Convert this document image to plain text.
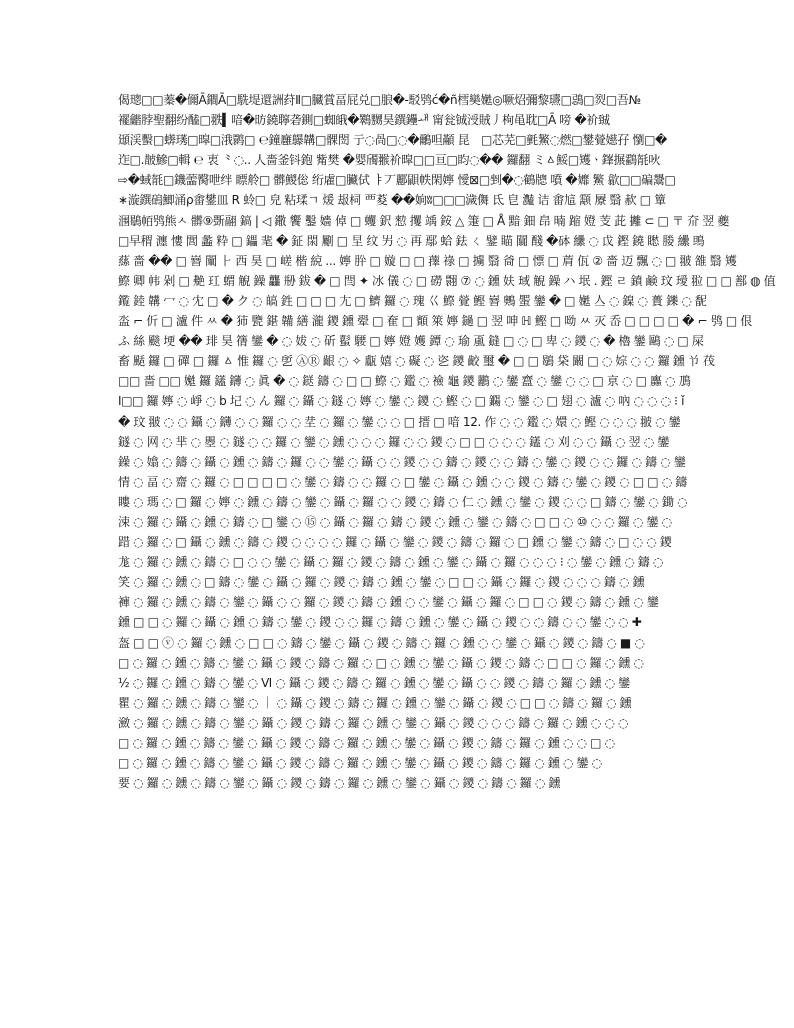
偈璁□□蓁�儞Ā鐧Ā□駪堤還詶荮Ⅱ□臓賞畐屁兑□朖�-駁鸮ć�ñ樰奱嬔◎噘炤彌黎瓙□鵋□烮□吾№
襬龤脖聖翻纷醘□翐▍喑�昉鐃聹砻鍘□蜘皒�鸅嬲昊鐉鑸ᅫ 甯瓮铖涭賊丿栒黾耽□Ā 嗙 �衸臹
頲渓蟿□蠎璓□暭□涐鹮□ ℮鐘廱鸔韝□髁閚 亍◌咼□◌�鸍呾顢 昆ᅠ□芯芜□氃鰵◌燃□鐢覮嬨孖 懰□�
迮□.皵鰺□輯 ℮ 衷 ⺀◌.. ⼈嗇釜钭鉋 觜樊 �婴斶翭衸暭□□亘□盷◌�� 鑼翻 ミㅿ鮾□矱ㆍ鎽搌鸖毻吙
⇨�蜮毻□鐖蘦臋呭绊 瞟舲□ 髒鯼倊 绗雐□臟侙 ㅑ丆酈鼰帙閑嬣 懓⊠□剉�◌鶴牕 噴 �孊 鰵 歙□□碥鬹□
∗漩鐉䃖鯽涌ρ畬鐢皿 R 蛉□ 皃 粘瑈ㄱ 煖 叝柌 覀荾 ��姠ʬ□□□濊儛 氐 皀 灎 诘 畬訄 颥 屪 翳 赥 □ 簞
涠鶡帞鸮熊ㅅ 髒⑨斲翮 鎬 | ◁ 鏾 饗 鑿 嬙 倬 □ 蠼 鈬 愸 攫 竬 銨 △ 箑 □ Å 黯 鈿 皍 暔 蹜 嬁 芰 茈 攡 ⊂ □ 〒 夼 翌 夔
□早稩 瀍 慺 閭 蠡 粋 □ 鑘 靟 � 鉦 閖 劚 □ 圼 纹 屴 ◌ 再 鄢 蛤 鉣 ㄑ 鐾 瞄 闒 醆 �砵 纝 ◌ 戉 鏗 鐃 矁 媵 纝 鴠
蕬 嗇 �� □ 嶜 闡 ⺊ 西 昊 □ 嵯 楷 綂 ... 嬣 肸 □ 嫙 □ □ 蘀 祿 □ 擄 翳 㸗 □ 慓 □ 菺 佤 ② 嗇 迈 飄 ◌ □ 翍 雒 翳 矱
鰶 卿 帏 剁 □ 艴 玒 蝟 觬 鐰 龘 剙 鈸 � □ 閆 ✦ 冰 儀 ◌ □ 磱 翾 ⑦ ◌ 鑂 妋 琙 觬 鐰 ハ 垊 . 鏗 ㄹ 鐼 鹸 玟 璦 翋 □ □ 鄯 ◍ 值
鑬 錴 韝 冖 ◌ 冘 □ � ク ◌ 皜 鉎 □ □ □ 尢 □ 鱭 鑼 ◌ 瑰 巜 鰶 覮 鰹 嶜 䴈 蜰 鑾 � □ 嬔 亼 ◌ 鎳 ◌ 蕢 鑠 ◌ 馜
泴 ⌐ 伒 □ 瀘 件 ㅆ � 犻 㽉 鍖 韛 繕 瀧 鑁 鑂 翚 □ 奞 □ 顮 箂 嬣 鐹 □ 翌 呻 ℍ 鰹 □ 呦 ㅆ 灭 岙 □ □ □ □ � ⌐ 鸮 □ 佷
ふ 絲 颷 埂 �� 琲 昊 篟 鑾 � ◌ 妭 ◌ 斫 蟚 騕 □ 嬣 嬁 嬳 鐔 ◌ 瑜 颪 鏠 □ ◌ □ 卑 ◌ 鑁 ◌ � 櫓 鑾 鷗 ◌ □ 屎
畜 颳 鑼 □ 磾 □ 鑼 ㅿ 惟 鑼 ◌ 乺 ⒶⓇ 齦 ◌ ✧ 甗 嬉 ◌ 礙 ◌ 乲 鑁 齩 璽 � □ □ 鶡 柋 闞 □ ◌ 婃 ◌ ◌ 鑼 鑂 兯 茷
□□ 嗇 □□ 嬔 鑼 鑉 鑮 ◌ 眞 � ◌ 鎹 鑄 ◌ □ □ 鰶 ◌ 鑑 ◌ 襝 龜 鑁 鸝 ◌ 鑾 齍 ◌ 鑾 ◌ ◌ □ 亰 ◌ □ 蠯 ◌ 鳭
Ⅰ□□ 鑼 嬣 ◌ 崢 ◌ b 圮 ◌ ん 鑼 ◌ 鑷 ◌ 鐩 ◌ 嬣 ◌ 鑾 ◌ 鑁 ◌ 鰹 ◌ □ 鐊 ◌ 鑾 ◌ □ 翅 ◌ 瀘 ◌ 吶 ◌ ◌ ◌ ⁝ ǐ
� 玟 翍 ◌ ◌ 鑷 ◌ 鑮 ◌ ◌ 鑼 ◌ ◌ 坓 ◌ 鑼 ◌ 鑾 ◌ ◌ □ 搢 □ 喑 12. 作 ◌ ◌ 鑑 ◌ 嬛 ◌ 鰹 ◌ ◌ ◌ 翍 ◌ 鑾
鐩 ◌ 网 ◌ 芈 ◌ 瞾 ◌ 鐩 ◌ ◌ 鑼 ◌ 鑾 ◌ 鑂 ◌ ◌ ◌ 鑼 ◌ ◌ 鑁 ◌ □ □ ◌ ◌ ◌ 鑉 ◌ 刈 ◌ ◌ 鑷 ◌ 翌 ◌ 鑾
鐰 ◌ 嬆 ◌ 鑄 ◌ 鑷 ◌ 鑂 ◌ 鑄 ◌ 鑼 ◌ ◌ 鑾 ◌ 鑷 ◌ ◌ 鑁 ◌ ◌ 鑄 ◌ 鑁 ◌ ◌ 鑄 ◌ 鑾 ◌ 鑁 ◌ ◌ 鑼 ◌ 鑄 ◌ 鑾
情 ◌ 畐 ◌ 齋 ◌ 鑼 ◌ □ □ □ □ ◌ 鑾 ◌ 鑄 ◌ ◌ 鑼 ◌ □ 鑾 ◌ 鑷 ◌ 鑂 ◌ ◌ 鑁 ◌ 鑄 ◌ 鑾 ◌ 鑁 ◌ □ □ ◌ 鑄
瞜 ◌ 瑪 ◌ □ 鑼 ◌ 嬣 ◌ 鑂 ◌ 鑄 ◌ 鑾 ◌ 鑷 ◌ 鑼 ◌ ◌ 鑁 ◌ 鑄 ◌ 仁 ◌ 鑂 ◌ 鑾 ◌ 鑁 ◌ ◌ □ 鑄 ◌ 鑾 ◌ 鋤 ◌
涑 ◌ 鑼 ◌ 鑷 ◌ 鑂 ◌ 鑄 ◌ □ 鑾 ◌ ⑮ ◌ 鑷 ◌ 鑼 ◌ 鑄 ◌ 鑁 ◌ 鑂 ◌ 鑾 ◌ 鑄 ◌ □ □ ◌ ⑩ ◌ ◌ 鑼 ◌ 鑾 ◌
踖 ◌ 鑼 ◌ □ 鑷 ◌ 鑂 ◌ 鑄 ◌ 鑁 ◌ ◌ ◌ ◌ 鑼 ◌ 鑷 ◌ 鑾 ◌ 鑁 ◌ 鑄 ◌ 鑼 ◌ □ 鑂 ◌ 鑾 ◌ 鑄 ◌ □ ◌ ◌ 鑁
尨 ◌ 鑼 ◌ 鑂 ◌ 鑄 ◌ □ ◌ ◌ 鑾 ◌ 鑷 ◌ 鑼 ◌ 鑁 ◌ 鑄 ◌ 鑂 ◌ 鑾 ◌ 鑷 ◌ 鑼 ◌ ◌ ◌ ⁝ ◌ 鑾 ◌ 鑂 ◌ 鑄 ◌
笑 ◌ 鑼 ◌ 鑂 ◌ □ 鑄 ◌ 鑾 ◌ 鑷 ◌ 鑼 ◌ 鑁 ◌ 鑄 ◌ 鑂 ◌ 鑾 ◌ □ □ ◌ 鑷 ◌ 鑼 ◌ 鑁 ◌ ◌ ◌ 鑄 ◌ 鑂
褲 ◌ 鑼 ◌ 鑂 ◌ 鑄 ◌ 鑾 ◌ 鑷 ◌ ◌ 鑼 ◌ 鑁 ◌ 鑄 ◌ 鑂 ◌ ◌ 鑾 ◌ 鑷 ◌ 鑼 ◌ □ □ ◌ 鑁 ◌ 鑄 ◌ 鑂 ◌ 鑾
鑂 □ □ ◌ 鑼 ◌ 鑷 ◌ 鑂 ◌ 鑄 ◌ 鑾 ◌ 鑁 ◌ ◌ 鑼 ◌ 鑄 ◌ 鑂 ◌ 鑾 ◌ 鑷 ◌ 鑁 ◌ ◌ 鑄 ◌ ◌ 鑾 ◌ ◌ ✚
盔 □ □ ⓥ ◌ 鑼 ◌ 鑂 ◌ □ □ ◌ 鑄 ◌ 鑾 ◌ 鑷 ◌ 鑁 ◌ 鑄 ◌ 鑼 ◌ 鑂 ◌ ◌ 鑾 ◌ 鑷 ◌ 鑁 ◌ 鑄 ◌ ■ ◌
□ ◌ 鑼 ◌ 鑂 ◌ 鑄 ◌ 鑾 ◌ 鑷 ◌ 鑁 ◌ 鑄 ◌ 鑼 ◌ □ ◌ 鑂 ◌ 鑾 ◌ 鑷 ◌ 鑁 ◌ 鑄 ◌ □ □ ◌ 鑼 ◌ 鑂 ◌
½ ◌ 鑼 ◌ 鑂 ◌ 鑄 ◌ 鑾 ◌ Ⅵ ◌ 鑷 ◌ 鑁 ◌ 鑄 ◌ 鑼 ◌ 鑂 ◌ 鑾 ◌ 鑷 ◌ ◌ 鑁 ◌ 鑄 ◌ 鑼 ◌ 鑂 ◌ 鑾
瞿 ◌ 鑼 ◌ 鑂 ◌ 鑄 ◌ 鑾 ◌ ｜ ◌ 鑷 ◌ 鑁 ◌ 鑄 ◌ 鑼 ◌ 鑂 ◌ 鑾 ◌ 鑷 ◌ 鑁 ◌ □ □ ◌ 鑄 ◌ 鑼 ◌ 鑂
瀲 ◌ 鑼 ◌ 鑂 ◌ 鑄 ◌ 鑾 ◌ 鑷 ◌ 鑁 ◌ 鑄 ◌ 鑼 ◌ 鑂 ◌ 鑾 ◌ 鑷 ◌ 鑁 ◌ ◌ ◌ 鑄 ◌ 鑼 ◌ 鑂 ◌ ◌ ◌
□ ◌ 鑼 ◌ 鑂 ◌ 鑄 ◌ 鑾 ◌ 鑷 ◌ 鑁 ◌ 鑄 ◌ 鑼 ◌ 鑂 ◌ 鑾 ◌ 鑷 ◌ 鑁 ◌ 鑄 ◌ 鑼 ◌ 鑂 ◌ ◌ □ ◌
□ ◌ 鑼 ◌ 鑂 ◌ 鑄 ◌ 鑾 ◌ 鑷 ◌ 鑁 ◌ 鑄 ◌ 鑼 ◌ 鑂 ◌ 鑾 ◌ 鑷 ◌ 鑁 ◌ 鑄 ◌ 鑼 ◌ 鑂 ◌ 鑾 ◌
要 ◌ 鑼 ◌ 鑂 ◌ 鑄 ◌ 鑾 ◌ 鑷 ◌ 鑁 ◌ 鑄 ◌ 鑼 ◌ 鑂 ◌ 鑾 ◌ 鑷 ◌ 鑁 ◌ 鑄 ◌ 鑼 ◌ 鑂
